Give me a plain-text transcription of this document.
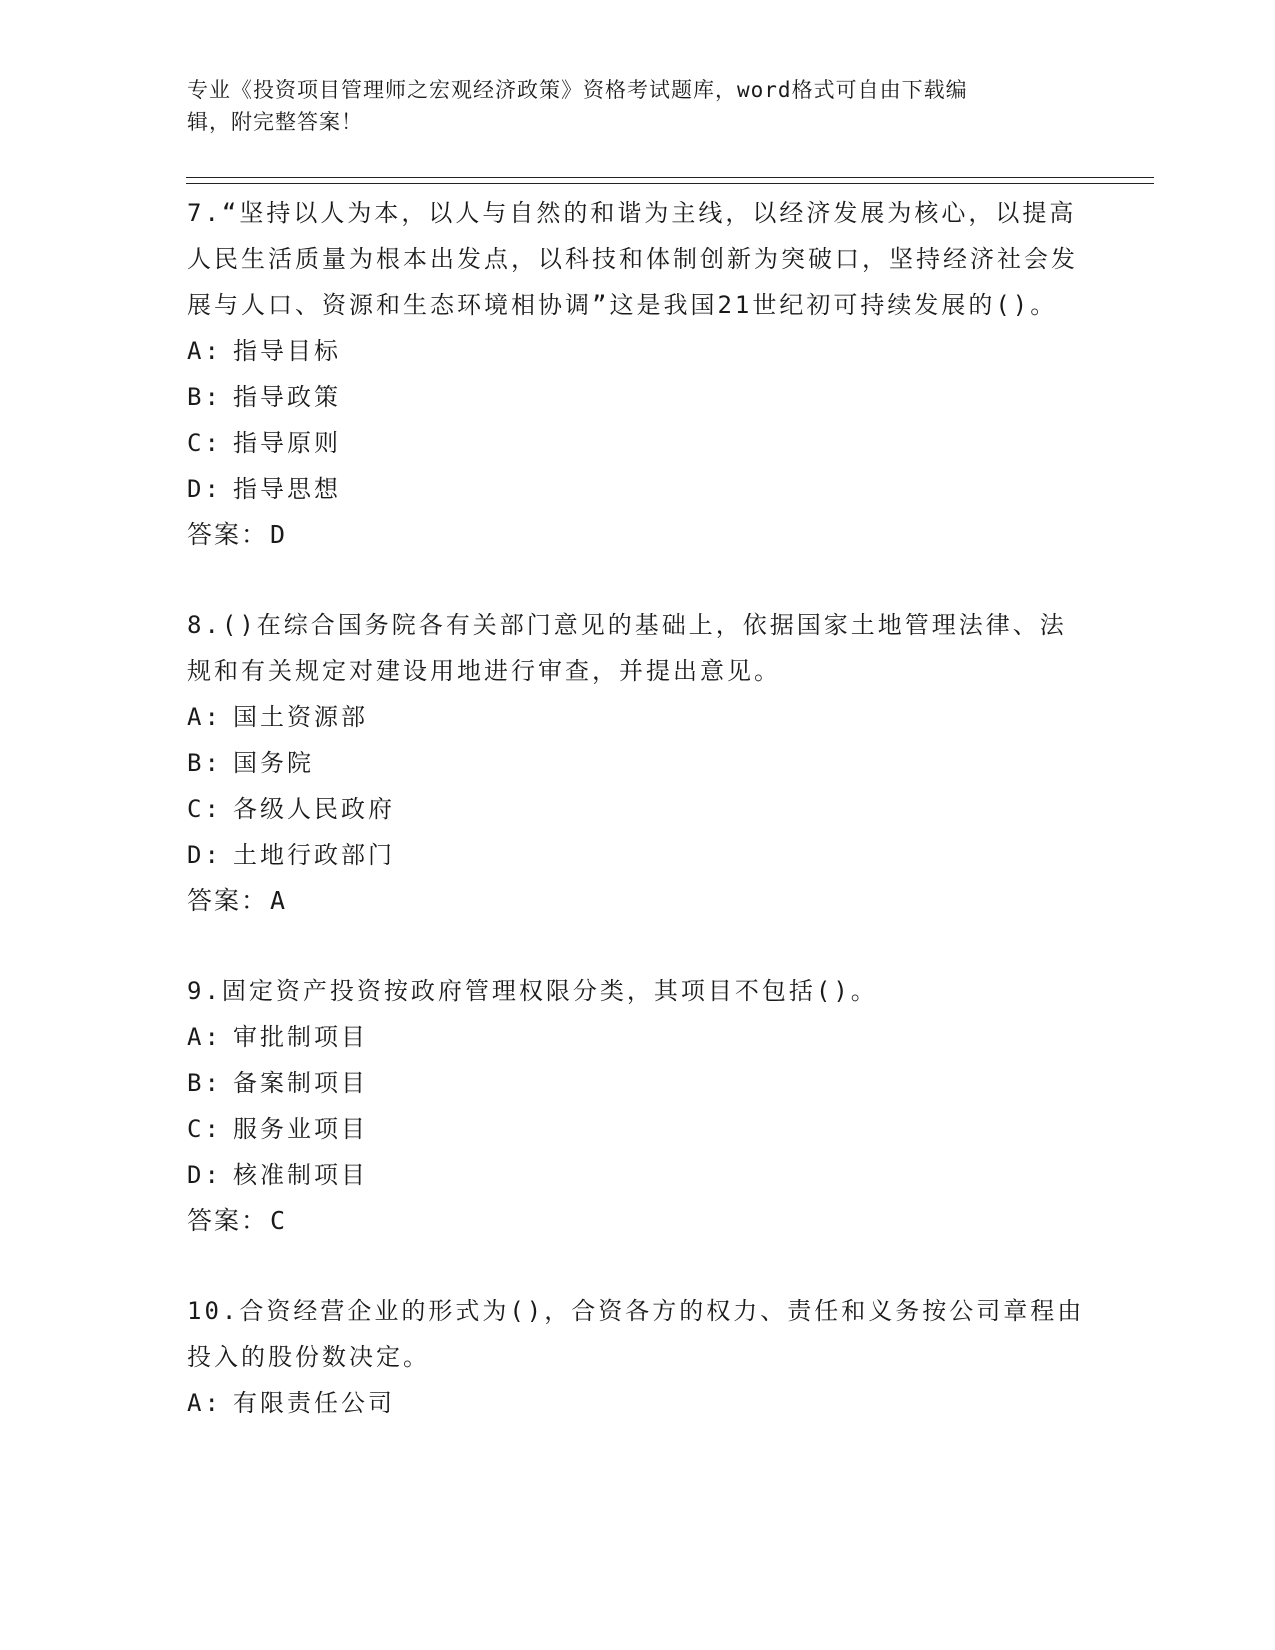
专业《投资项目管理师之宏观经济政策》资格考试题库，word格式可自由下载编
辑，附完整答案！

7.“坚持以人为本，以人与自然的和谐为主线，以经济发展为核心，以提高人民生活质量为根本出发点，以科技和体制创新为突破口，坚持经济社会发展与人口、资源和生态环境相协调”这是我国21世纪初可持续发展的()。

A: 指导目标
B: 指导政策
C: 指导原则
D: 指导思想

答案：D

8.()在综合国务院各有关部门意见的基础上，依据国家土地管理法律、法规和有关规定对建设用地进行审查，并提出意见。

A: 国土资源部
B: 国务院
C: 各级人民政府
D: 土地行政部门

答案：A

9.固定资产投资按政府管理权限分类，其项目不包括()。

A: 审批制项目
B: 备案制项目
C: 服务业项目
D: 核准制项目

答案：C

10.合资经营企业的形式为()，合资各方的权力、责任和义务按公司章程由投入的股份数决定。

A: 有限责任公司
